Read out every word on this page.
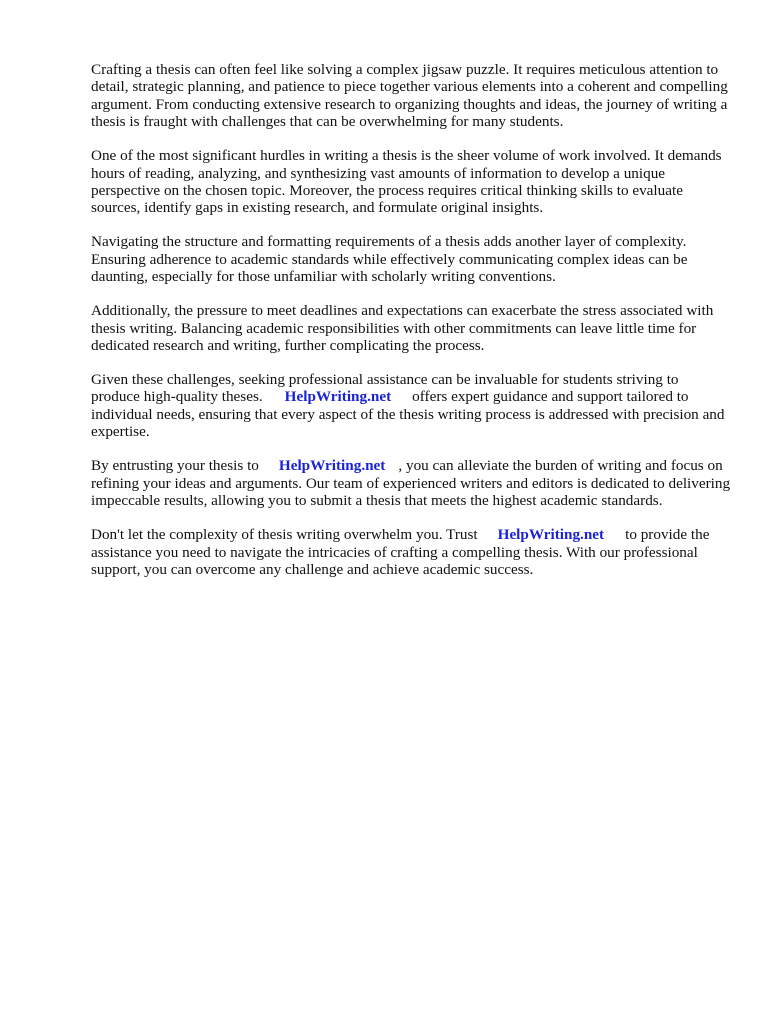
Crafting a thesis can often feel like solving a complex jigsaw puzzle. It requires meticulous attention to detail, strategic planning, and patience to piece together various elements into a coherent and compelling argument. From conducting extensive research to organizing thoughts and ideas, the journey of writing a thesis is fraught with challenges that can be overwhelming for many students.

One of the most significant hurdles in writing a thesis is the sheer volume of work involved. It demands hours of reading, analyzing, and synthesizing vast amounts of information to develop a unique perspective on the chosen topic. Moreover, the process requires critical thinking skills to evaluate sources, identify gaps in existing research, and formulate original insights.

Navigating the structure and formatting requirements of a thesis adds another layer of complexity. Ensuring adherence to academic standards while effectively communicating complex ideas can be daunting, especially for those unfamiliar with scholarly writing conventions.

Additionally, the pressure to meet deadlines and expectations can exacerbate the stress associated with thesis writing. Balancing academic responsibilities with other commitments can leave little time for dedicated research and writing, further complicating the process.

Given these challenges, seeking professional assistance can be invaluable for students striving to produce high-quality theses. HelpWriting.net offers expert guidance and support tailored to individual needs, ensuring that every aspect of the thesis writing process is addressed with precision and expertise.

By entrusting your thesis to HelpWriting.net , you can alleviate the burden of writing and focus on refining your ideas and arguments. Our team of experienced writers and editors is dedicated to delivering impeccable results, allowing you to submit a thesis that meets the highest academic standards.

Don't let the complexity of thesis writing overwhelm you. Trust HelpWriting.net to provide the assistance you need to navigate the intricacies of crafting a compelling thesis. With our professional support, you can overcome any challenge and achieve academic success.
